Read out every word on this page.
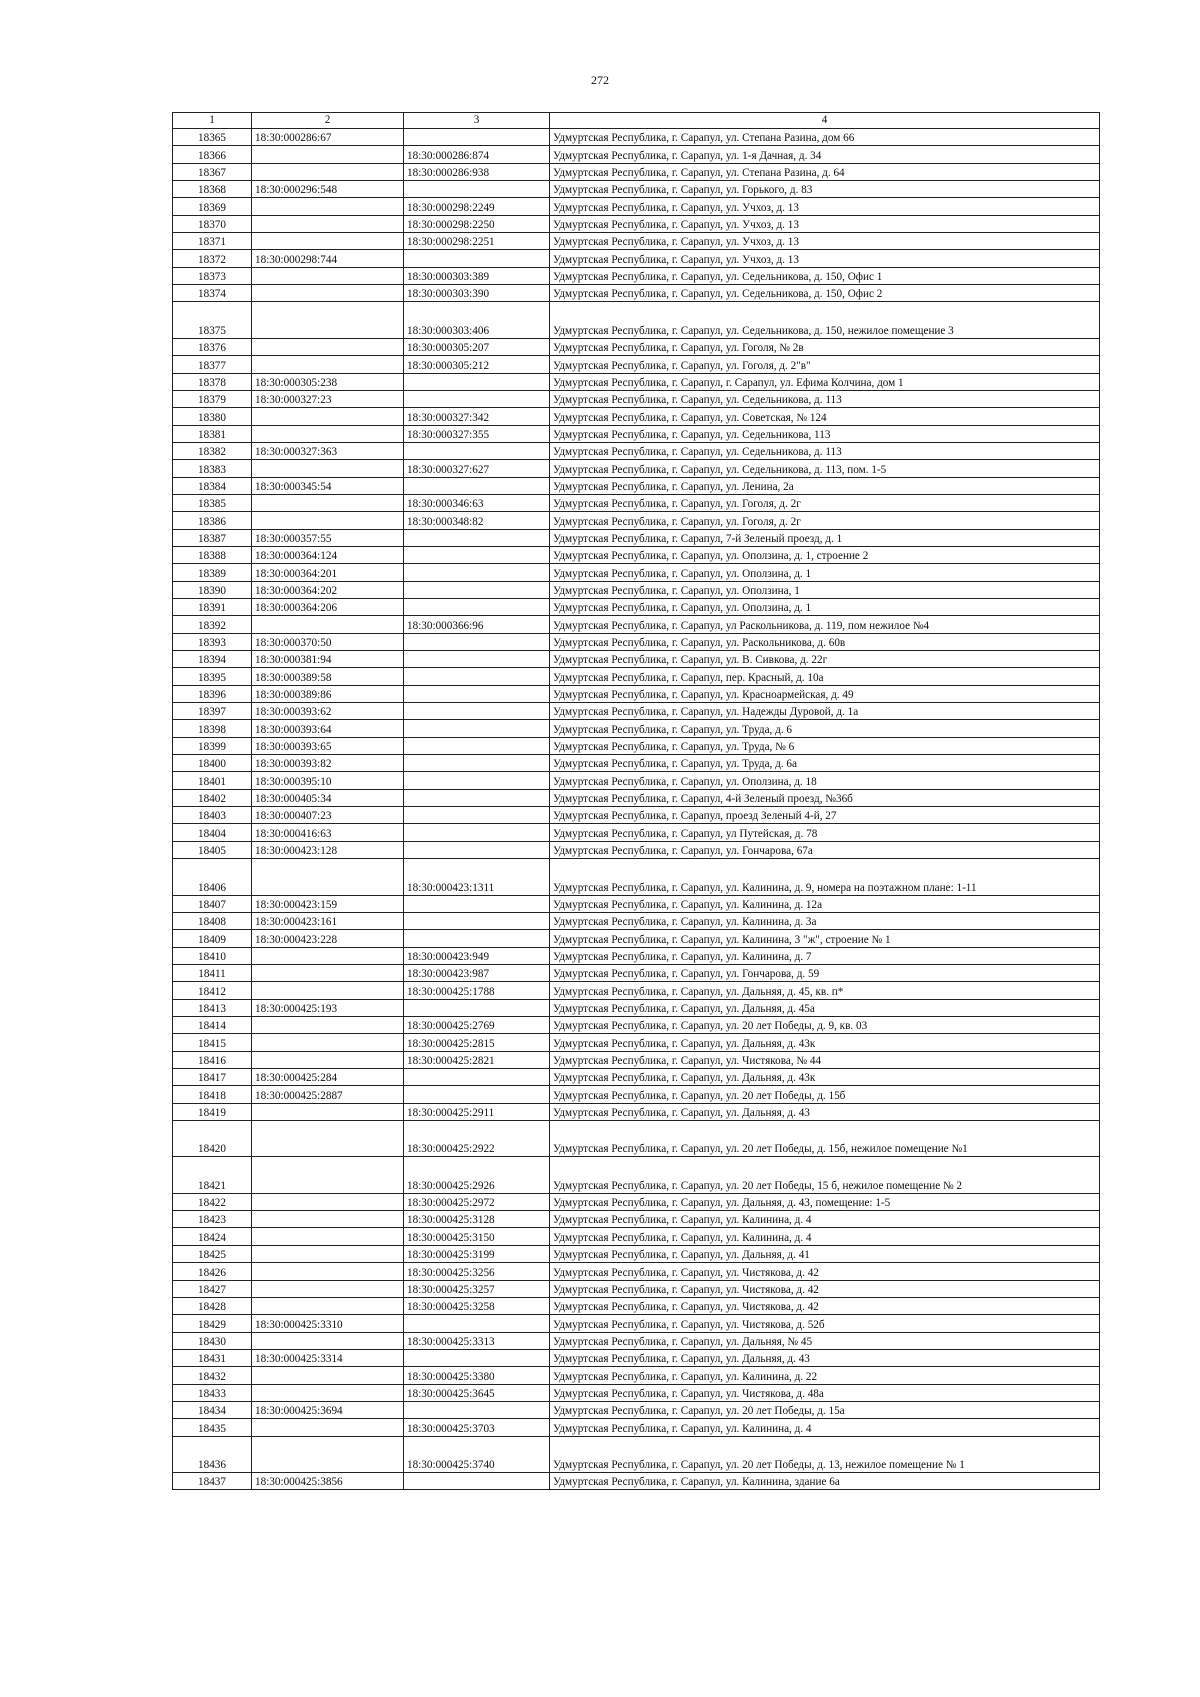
272
1	2	3	4
18365	18:30:000286:67		Удмуртская Республика, г. Сарапул, ул. Степана Разина, дом 66
18366		18:30:000286:874	Удмуртская Республика, г. Сарапул, ул. 1-я Дачная, д. 34
18367		18:30:000286:938	Удмуртская Республика, г. Сарапул, ул. Степана Разина, д. 64
18368	18:30:000296:548		Удмуртская Республика, г. Сарапул, ул. Горького, д. 83
18369		18:30:000298:2249	Удмуртская Республика, г. Сарапул, ул. Учхоз, д. 13
18370		18:30:000298:2250	Удмуртская Республика, г. Сарапул, ул. Учхоз, д. 13
18371		18:30:000298:2251	Удмуртская Республика, г. Сарапул, ул. Учхоз, д. 13
18372	18:30:000298:744		Удмуртская Республика, г. Сарапул, ул. Учхоз, д. 13
18373		18:30:000303:389	Удмуртская Республика, г. Сарапул, ул. Седельникова, д. 150, Офис 1
18374		18:30:000303:390	Удмуртская Республика, г. Сарапул, ул. Седельникова, д. 150, Офис 2
18375		18:30:000303:406	Удмуртская Республика, г. Сарапул, ул. Седельникова, д. 150, нежилое помещение 3
18376		18:30:000305:207	Удмуртская Республика, г. Сарапул, ул. Гоголя, № 2в
18377		18:30:000305:212	Удмуртская Республика, г. Сарапул, ул. Гоголя, д. 2"в"
18378	18:30:000305:238		Удмуртская Республика, г. Сарапул, г. Сарапул, ул. Ефима Колчина, дом 1
18379	18:30:000327:23		Удмуртская Республика, г. Сарапул, ул. Седельникова, д. 113
18380		18:30:000327:342	Удмуртская Республика, г. Сарапул, ул. Советская, № 124
18381		18:30:000327:355	Удмуртская Республика, г. Сарапул, ул. Седельникова, 113
18382	18:30:000327:363		Удмуртская Республика, г. Сарапул, ул. Седельникова, д. 113
18383		18:30:000327:627	Удмуртская Республика, г. Сарапул, ул. Седельникова, д. 113, пом. 1-5
18384	18:30:000345:54		Удмуртская Республика, г. Сарапул, ул. Ленина, 2а
18385		18:30:000346:63	Удмуртская Республика, г. Сарапул, ул. Гоголя, д. 2г
18386		18:30:000348:82	Удмуртская Республика, г. Сарапул, ул. Гоголя, д. 2г
18387	18:30:000357:55		Удмуртская Республика, г. Сарапул, 7-й Зеленый проезд, д. 1
18388	18:30:000364:124		Удмуртская Республика, г. Сарапул, ул. Оползина, д. 1, строение 2
18389	18:30:000364:201		Удмуртская Республика, г. Сарапул, ул. Оползина, д. 1
18390	18:30:000364:202		Удмуртская Республика, г. Сарапул, ул. Оползина, 1
18391	18:30:000364:206		Удмуртская Республика, г. Сарапул, ул. Оползина, д. 1
18392		18:30:000366:96	Удмуртская Республика, г. Сарапул, ул Раскольникова, д. 119, пом нежилое №4
18393	18:30:000370:50		Удмуртская Республика, г. Сарапул, ул. Раскольникова, д. 60в
18394	18:30:000381:94		Удмуртская Республика, г. Сарапул, ул. В. Сивкова, д. 22г
18395	18:30:000389:58		Удмуртская Республика, г. Сарапул, пер. Красный, д. 10а
18396	18:30:000389:86		Удмуртская Республика, г. Сарапул, ул. Красноармейская, д. 49
18397	18:30:000393:62		Удмуртская Республика, г. Сарапул, ул. Надежды Дуровой, д. 1а
18398	18:30:000393:64		Удмуртская Республика, г. Сарапул, ул. Труда, д. 6
18399	18:30:000393:65		Удмуртская Республика, г. Сарапул, ул. Труда, № 6
18400	18:30:000393:82		Удмуртская Республика, г. Сарапул, ул. Труда, д. 6а
18401	18:30:000395:10		Удмуртская Республика, г. Сарапул, ул. Оползина, д. 18
18402	18:30:000405:34		Удмуртская Республика, г. Сарапул, 4-й Зеленый проезд, №36б
18403	18:30:000407:23		Удмуртская Республика, г. Сарапул, проезд Зеленый 4-й, 27
18404	18:30:000416:63		Удмуртская Республика, г. Сарапул, ул Путейская, д. 78
18405	18:30:000423:128		Удмуртская Республика, г. Сарапул, ул. Гончарова, 67а
18406		18:30:000423:1311	Удмуртская Республика, г. Сарапул, ул. Калинина, д. 9, номера на поэтажном плане: 1-11
18407	18:30:000423:159		Удмуртская Республика, г. Сарапул, ул. Калинина, д. 12а
18408	18:30:000423:161		Удмуртская Республика, г. Сарапул, ул. Калинина, д. 3а
18409	18:30:000423:228		Удмуртская Республика, г. Сарапул, ул. Калинина, 3 "ж", строение № 1
18410		18:30:000423:949	Удмуртская Республика, г. Сарапул, ул. Калинина, д. 7
18411		18:30:000423:987	Удмуртская Республика, г. Сарапул, ул. Гончарова, д. 59
18412		18:30:000425:1788	Удмуртская Республика, г. Сарапул, ул. Дальняя, д. 45, кв. п*
18413	18:30:000425:193		Удмуртская Республика, г. Сарапул, ул. Дальняя, д. 45а
18414		18:30:000425:2769	Удмуртская Республика, г. Сарапул, ул. 20 лет Победы, д. 9, кв. 03
18415		18:30:000425:2815	Удмуртская Республика, г. Сарапул, ул. Дальняя, д. 43к
18416		18:30:000425:2821	Удмуртская Республика, г. Сарапул, ул. Чистякова, № 44
18417	18:30:000425:284		Удмуртская Республика, г. Сарапул, ул. Дальняя, д. 43к
18418	18:30:000425:2887		Удмуртская Республика, г. Сарапул, ул. 20 лет Победы, д. 15б
18419		18:30:000425:2911	Удмуртская Республика, г. Сарапул, ул. Дальняя, д. 43
18420		18:30:000425:2922	Удмуртская Республика, г. Сарапул, ул. 20 лет Победы, д. 15б, нежилое помещение №1
18421		18:30:000425:2926	Удмуртская Республика, г. Сарапул, ул. 20 лет Победы, 15 б, нежилое помещение № 2
18422		18:30:000425:2972	Удмуртская Республика, г. Сарапул, ул. Дальняя, д. 43, помещение: 1-5
18423		18:30:000425:3128	Удмуртская Республика, г. Сарапул, ул. Калинина, д. 4
18424		18:30:000425:3150	Удмуртская Республика, г. Сарапул, ул. Калинина, д. 4
18425		18:30:000425:3199	Удмуртская Республика, г. Сарапул, ул. Дальняя, д. 41
18426		18:30:000425:3256	Удмуртская Республика, г. Сарапул, ул. Чистякова, д. 42
18427		18:30:000425:3257	Удмуртская Республика, г. Сарапул, ул. Чистякова, д. 42
18428		18:30:000425:3258	Удмуртская Республика, г. Сарапул, ул. Чистякова, д. 42
18429	18:30:000425:3310		Удмуртская Республика, г. Сарапул, ул. Чистякова, д. 52б
18430		18:30:000425:3313	Удмуртская Республика, г. Сарапул, ул. Дальняя, № 45
18431	18:30:000425:3314		Удмуртская Республика, г. Сарапул, ул. Дальняя, д. 43
18432		18:30:000425:3380	Удмуртская Республика, г. Сарапул, ул. Калинина, д. 22
18433		18:30:000425:3645	Удмуртская Республика, г. Сарапул, ул. Чистякова, д. 48а
18434	18:30:000425:3694		Удмуртская Республика, г. Сарапул, ул. 20 лет Победы, д. 15а
18435		18:30:000425:3703	Удмуртская Республика, г. Сарапул, ул. Калинина, д. 4
18436		18:30:000425:3740	Удмуртская Республика, г. Сарапул, ул. 20 лет Победы, д. 13, нежилое помещение № 1
18437	18:30:000425:3856		Удмуртская Республика, г. Сарапул, ул. Калинина, здание 6а
